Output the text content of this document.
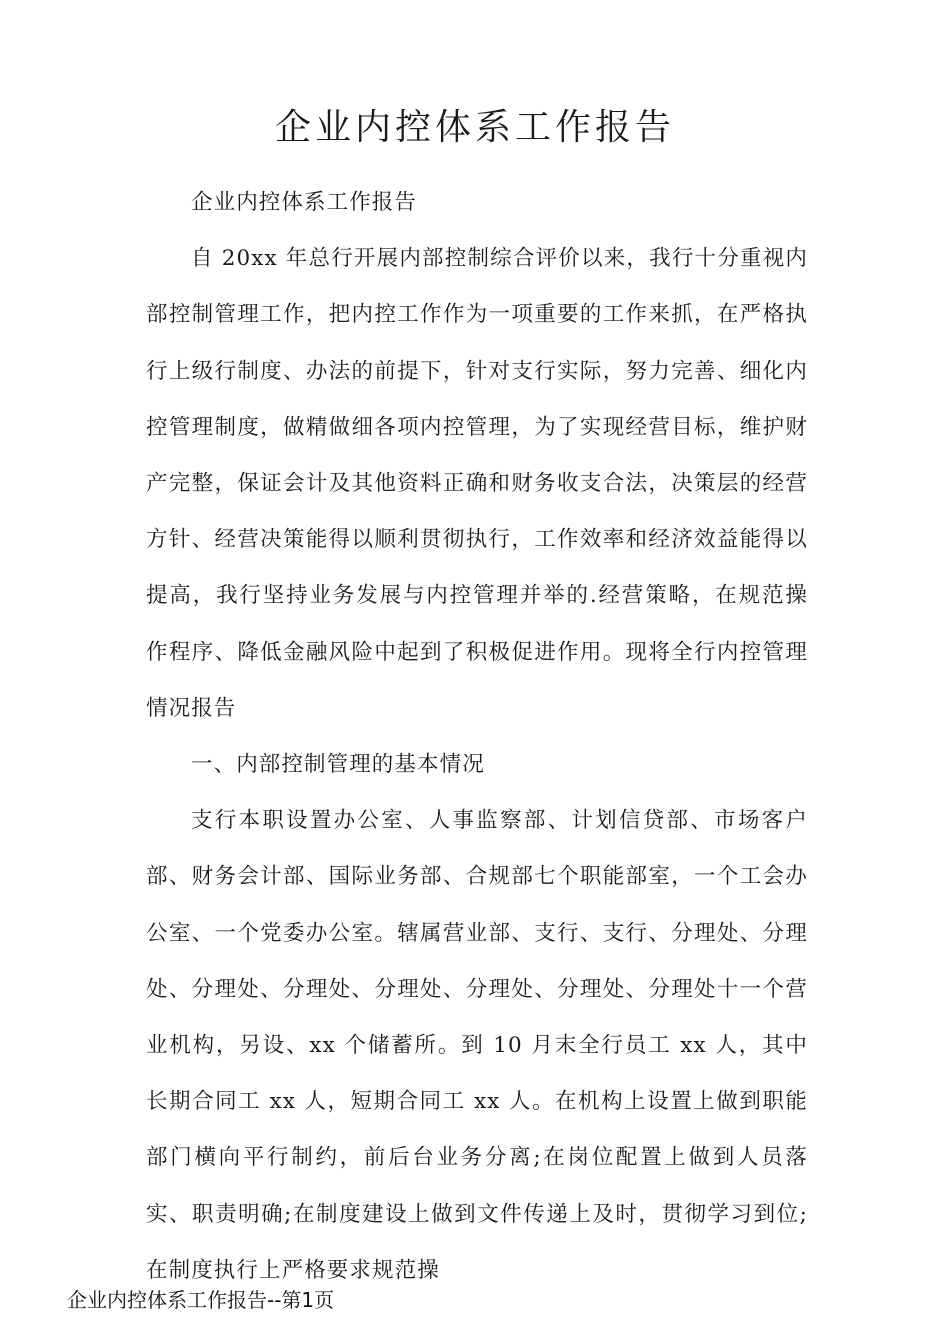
企业内控体系工作报告

企业内控体系工作报告

自 20xx 年总行开展内部控制综合评价以来，我行十分重视内部控制管理工作，把内控工作作为一项重要的工作来抓，在严格执行上级行制度、办法的前提下，针对支行实际，努力完善、细化内控管理制度，做精做细各项内控管理，为了实现经营目标，维护财产完整，保证会计及其他资料正确和财务收支合法，决策层的经营方针、经营决策能得以顺利贯彻执行，工作效率和经济效益能得以提高，我行坚持业务发展与内控管理并举的.经营策略，在规范操作程序、降低金融风险中起到了积极促进作用。现将全行内控管理情况报告

一、内部控制管理的基本情况

支行本职设置办公室、人事监察部、计划信贷部、市场客户部、财务会计部、国际业务部、合规部七个职能部室，一个工会办公室、一个党委办公室。辖属营业部、支行、支行、分理处、分理处、分理处、分理处、分理处、分理处、分理处、分理处十一个营业机构，另设、xx 个储蓄所。到 10 月末全行员工 xx 人，其中长期合同工 xx 人，短期合同工 xx 人。在机构上设置上做到职能部门横向平行制约，前后台业务分离;在岗位配置上做到人员落实、职责明确;在制度建设上做到文件传递上及时，贯彻学习到位;在制度执行上严格要求规范操

企业内控体系工作报告--第1页
